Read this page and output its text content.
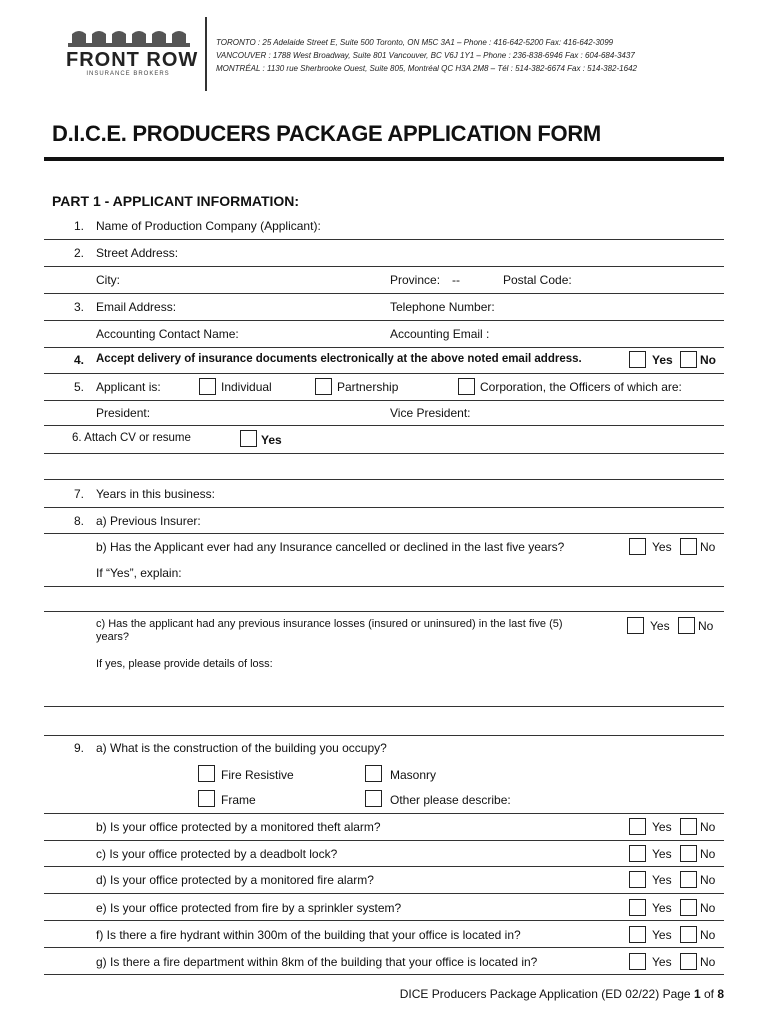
FRONT ROW
INSURANCE BROKERS
TORONTO : 25 Adelaide Street E, Suite 500 Toronto, ON M5C 3A1 – Phone : 416-642-5200 Fax: 416-642-3099
VANCOUVER : 1788 West Broadway, Suite 801 Vancouver, BC V6J 1Y1 – Phone : 236-838-6946 Fax : 604-684-3437
MONTRÉAL : 1130 rue Sherbrooke Ouest, Suite 805, Montréal QC H3A 2M8 – Tél : 514-382-6674 Fax : 514-382-1642
D.I.C.E. PRODUCERS PACKAGE APPLICATION FORM
PART 1 - APPLICANT INFORMATION:
1. Name of Production Company (Applicant):
2. Street Address:
City:	Province: --	Postal Code:
3. Email Address:	Telephone Number:
Accounting Contact Name:	Accounting Email :
4. Accept delivery of insurance documents electronically at the above noted email address.	Yes No
5. Applicant is:	Individual	Partnership	Corporation, the Officers of which are:
President:	Vice President:
6. Attach CV or resume	Yes
7. Years in this business:
8. a) Previous Insurer:
b) Has the Applicant ever had any Insurance cancelled or declined in the last five years?	Yes No
If “Yes”, explain:
c) Has the applicant had any previous insurance losses (insured or uninsured) in the last five (5)
years?
Yes No
If yes, please provide details of loss:
9. a) What is the construction of the building you occupy?
Fire Resistive	Masonry
Frame	Other please describe:
b) Is your office protected by a monitored theft alarm?	Yes No
c) Is your office protected by a deadbolt lock?	Yes No
d) Is your office protected by a monitored fire alarm?	Yes No
e) Is your office protected from fire by a sprinkler system?	Yes No
f) Is there a fire hydrant within 300m of the building that your office is located in?	Yes No
g) Is there a fire department within 8km of the building that your office is located in?	Yes No
DICE Producers Package Application (ED 02/22) Page 1 of 8
